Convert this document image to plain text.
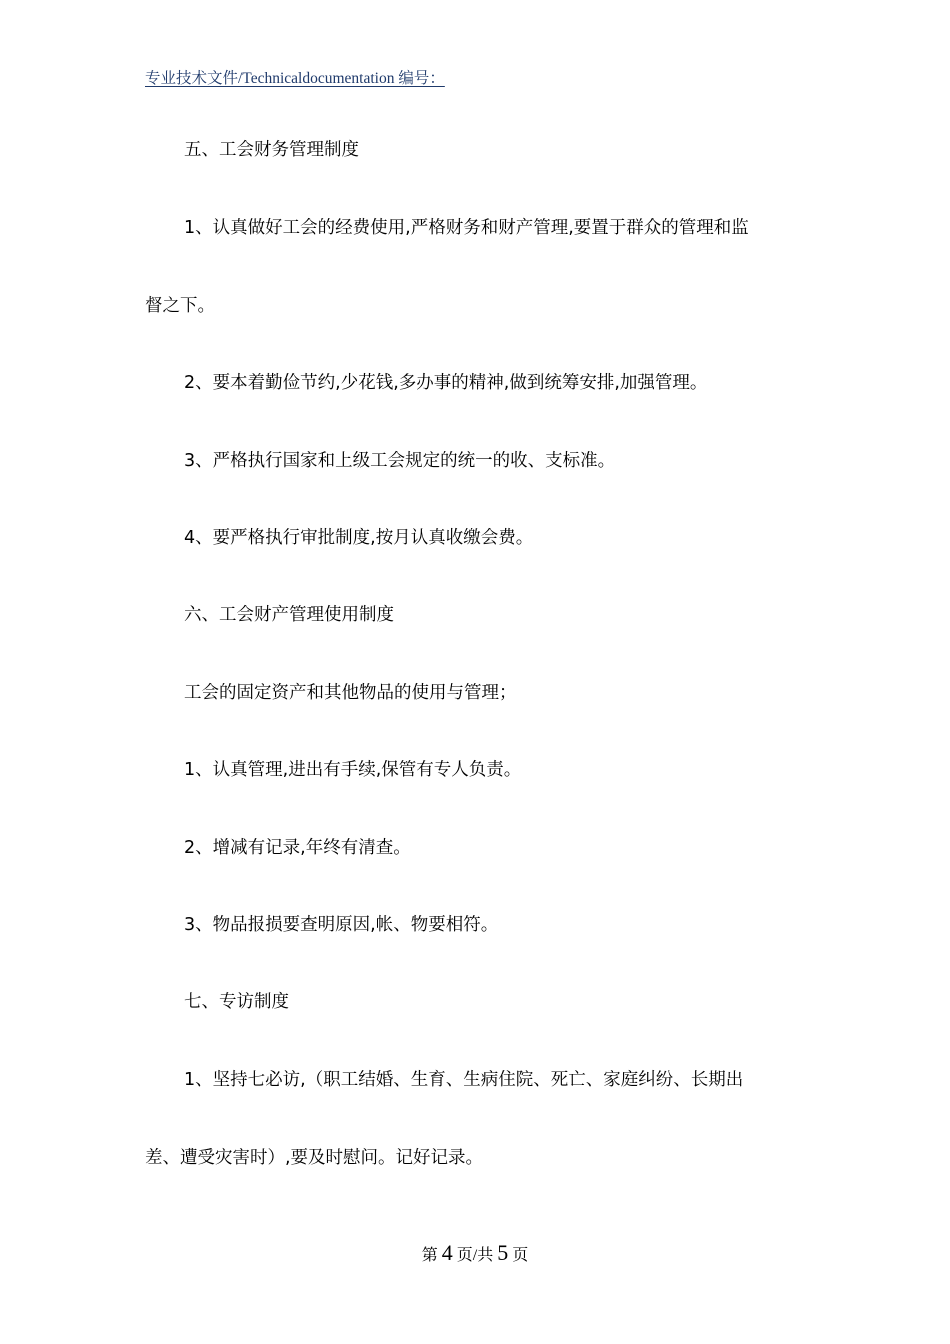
专业技术文件/Technicaldocumentation 编号：
五、工会财务管理制度
1、认真做好工会的经费使用,严格财务和财产管理,要置于群众的管理和监
督之下。
2、要本着勤俭节约,少花钱,多办事的精神,做到统筹安排,加强管理。
3、严格执行国家和上级工会规定的统一的收、支标准。
4、要严格执行审批制度,按月认真收缴会费。
六、工会财产管理使用制度
工会的固定资产和其他物品的使用与管理；
1、认真管理,进出有手续,保管有专人负责。
2、增减有记录,年终有清查。
3、物品报损要查明原因,帐、物要相符。
七、专访制度
1、坚持七必访,（职工结婚、生育、生病住院、死亡、家庭纠纷、长期出
差、遭受灾害时）,要及时慰问。记好记录。
第 4 页/共 5 页
